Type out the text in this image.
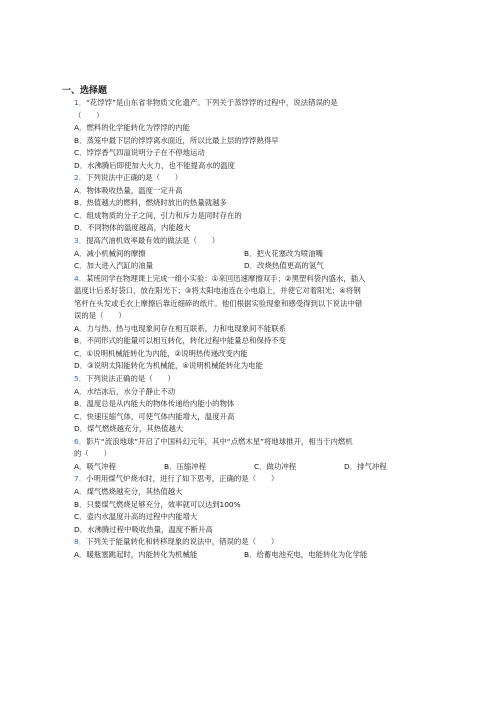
一、选择题
1．“花饽饽”是山东省非物质文化遗产。下列关于蒸饽饽的过程中，说法错误的是
（　　）
A．燃料的化学能转化为饽饽的内能
B．蒸笼中最下层的饽饽离水面近，所以比最上层的饽饽熟得早
C．饽饽香气四溢说明分子在不停地运动
D．水沸腾后即使加大火力，也不能提高水的温度
2．下列说法中正确的是（　　）
A．物体吸收热量，温度一定升高
B．热值越大的燃料，燃烧时放出的热量就越多
C．组成物质的分子之间，引力和斥力是同时存在的
D．不同物体的温度越高，内能越大
3．提高汽油机效率最有效的做法是（　　）
A．减小机械间的摩擦	B．把火花塞改为喷油嘴
C．加大进入汽缸的油量	D．改烧热值更高的氢气
4．某班同学在物理课上完成一组小实验：①来回迅速摩擦双手；②黑塑料袋内盛水，插入
温度计后系好袋口，放在阳光下；③将太阳电池连在小电扇上，并使它对着阳光；④将钢
笔杆在头发或毛衣上摩擦后靠近细碎的纸片。他们根据实验现象和感受得到以下说法中错
误的是（　　）
A．力与热、热与电现象间存在相互联系，力和电现象间不能联系
B．不同形式的能量可以相互转化，转化过程中能量总和保持不变
C．①说明机械能转化为内能，②说明热传递改变内能
D．③说明太阳能转化为机械能，④说明机械能转化为电能
5．下列说法正确的是（　　）
A．水结冰后，水分子静止不动
B．温度总是从内能大的物体传递给内能小的物体
C．快速压缩气体，可使气体内能增大，温度升高
D．煤气燃烧越充分，其热值越大
6．影片“流浪地球”开启了中国科幻元年，其中“点燃木星”将地球推开，相当于内燃机
的（　　）
A．吸气冲程	B．压缩冲程	C．做功冲程	D．排气冲程
7．小明用煤气炉烧水时，进行了如下思考，正确的是（　　）
A．煤气燃烧越充分，其热值越大
B．只要煤气燃烧足够充分，效率就可以达到100%
C．壶内水温度升高的过程中内能增大
D．水沸腾过程中吸收热量，温度不断升高
8．下列关于能量转化和转移现象的说法中，错误的是（　　）
A．暖瓶塞跳起时，内能转化为机械能	B．给蓄电池充电，电能转化为化学能
